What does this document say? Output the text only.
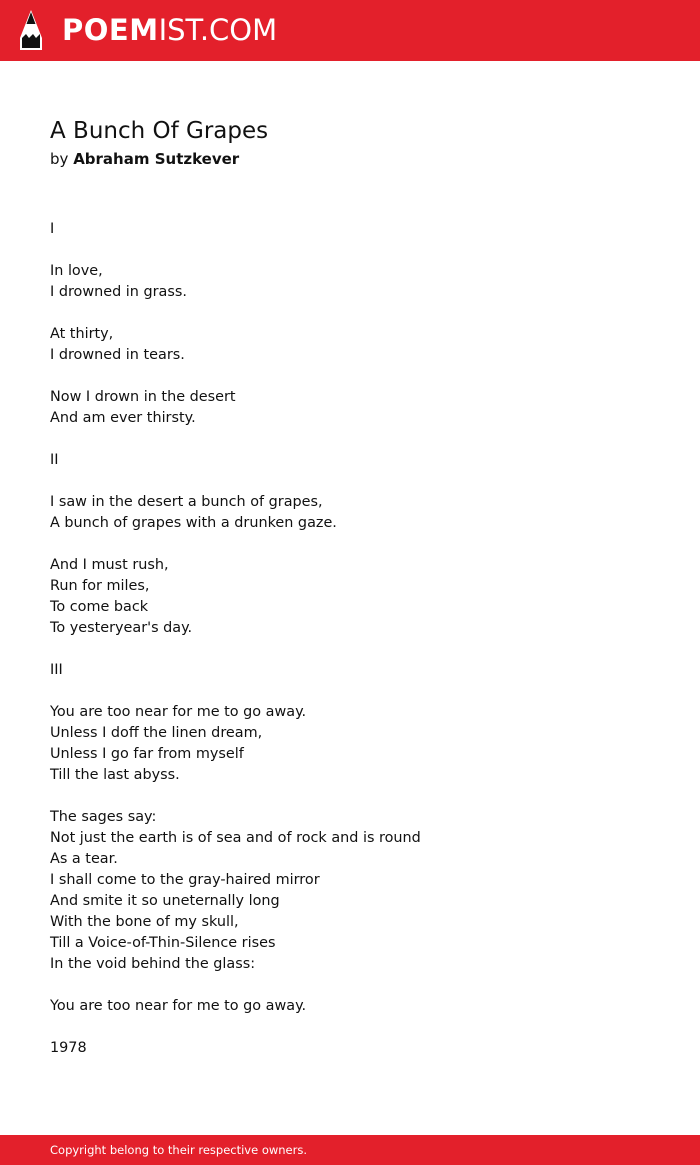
POEMIST.COM
A Bunch Of Grapes
by Abraham Sutzkever
I
In love,
I drowned in grass.
At thirty,
I drowned in tears.
Now I drown in the desert
And am ever thirsty.
II
I saw in the desert a bunch of grapes,
A bunch of grapes with a drunken gaze.
And I must rush,
Run for miles,
To come back
To yesteryear's day.
III
You are too near for me to go away.
Unless I doff the linen dream,
Unless I go far from myself
Till the last abyss.
The sages say:
Not just the earth is of sea and of rock and is round
As a tear.
I shall come to the gray-haired mirror
And smite it so uneternally long
With the bone of my skull,
Till a Voice-of-Thin-Silence rises
In the void behind the glass:
You are too near for me to go away.
1978
Copyright belong to their respective owners.
